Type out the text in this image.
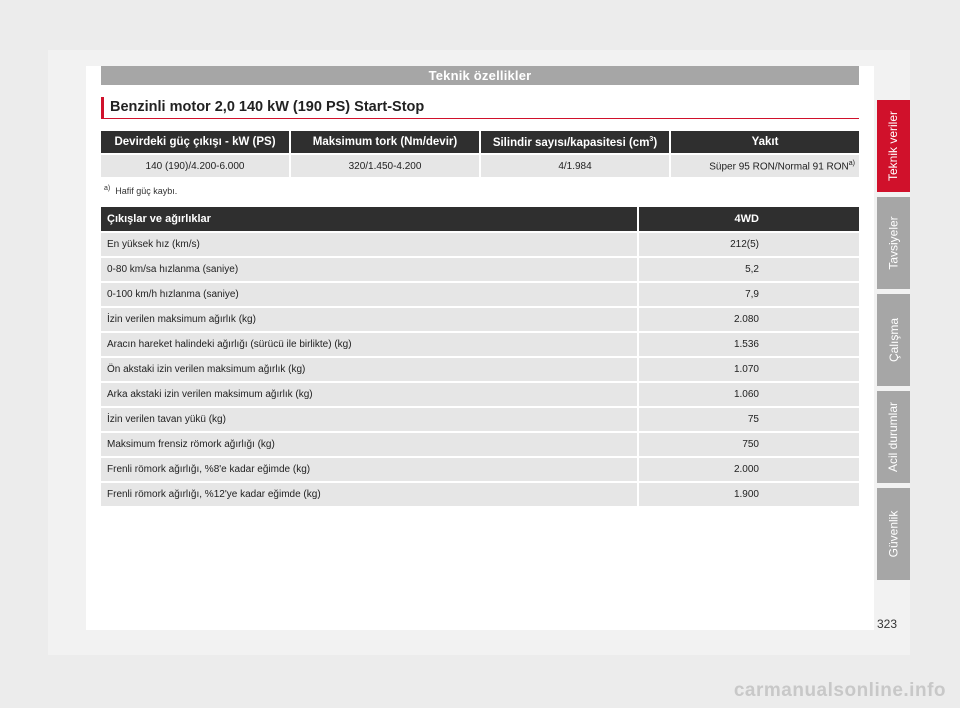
Teknik özellikler
Benzinli motor 2,0 140 kW (190 PS) Start-Stop
Devirdeki güç çıkışı - kW (PS)	Maksimum tork (Nm/devir)	Silindir sayısı/kapasitesi $(cm^3)$	Yakıt
140 (190)/4.200-6.000	320/1.450-4.200	4/1.984	Süper 95 RON/Normal 91 RON$^{a)}$
$^{a)}$ Hafif güç kaybı.
Çıkışlar ve ağırlıklar	4WD
En yüksek hız (km/s)	212(5)
0-80 km/sa hızlanma (saniye)	5,2
0-100 km/h hızlanma (saniye)	7,9
İzin verilen maksimum ağırlık (kg)	2.080
Aracın hareket halindeki ağırlığı (sürücü ile birlikte) (kg)	1.536
Ön akstaki izin verilen maksimum ağırlık (kg)	1.070
Arka akstaki izin verilen maksimum ağırlık (kg)	1.060
İzin verilen tavan yükü (kg)	75
Maksimum frensiz römork ağırlığı (kg)	750
Frenli römork ağırlığı, %8'e kadar eğimde (kg)	2.000
Frenli römork ağırlığı, %12'ye kadar eğimde (kg)	1.900
Teknik veriler
Tavsiyeler
Çalışma
Acil durumlar
Güvenlik
323
carmanualsonline.info
